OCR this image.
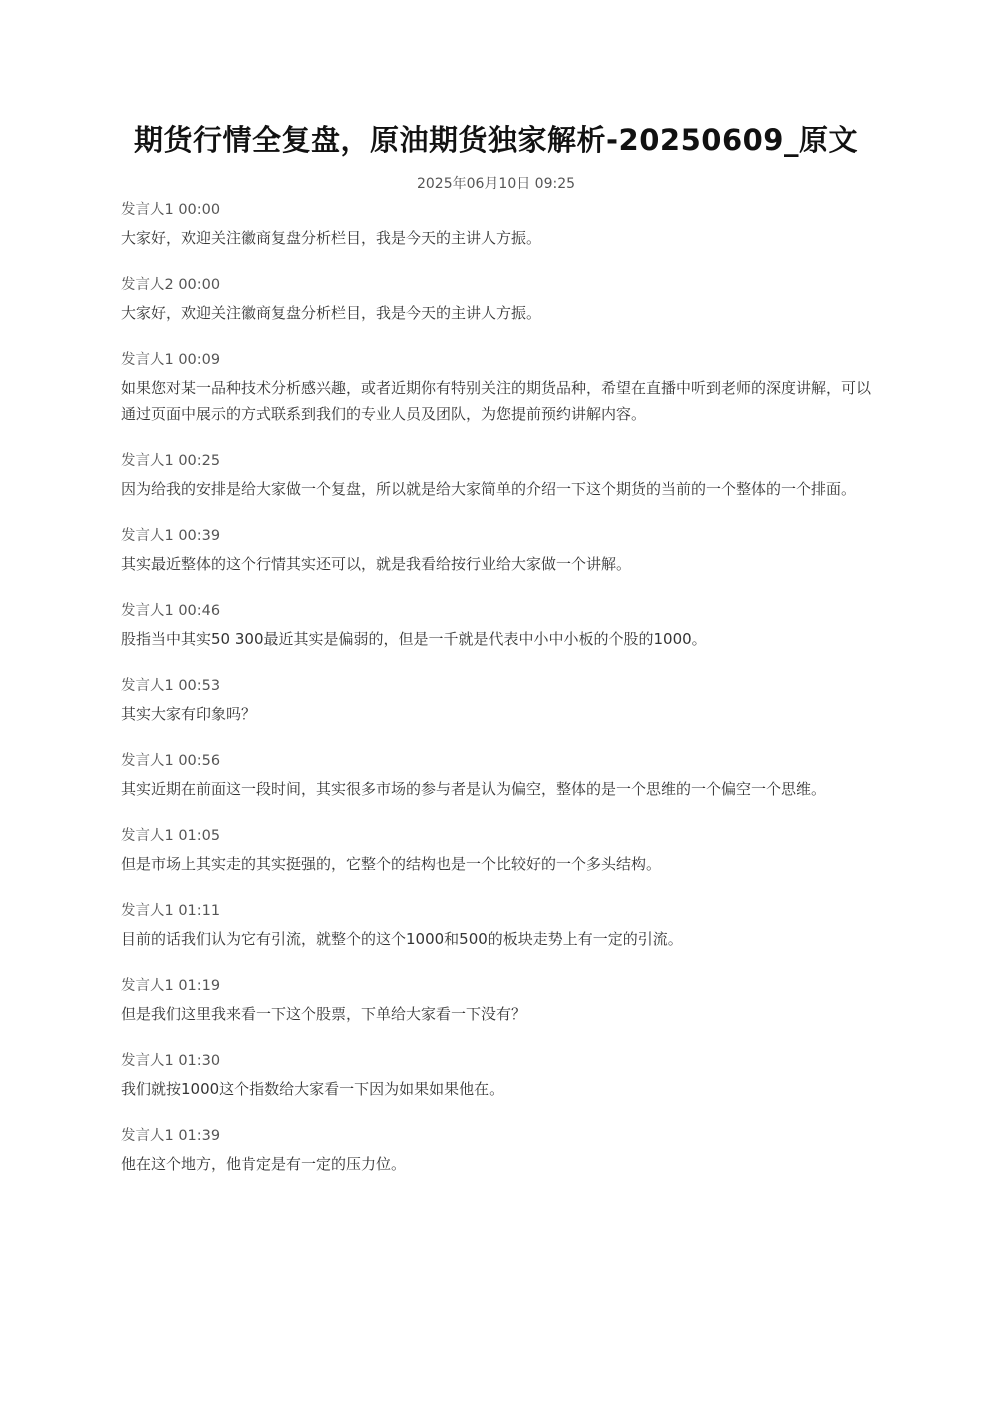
期货行情全复盘，原油期货独家解析-20250609_原文
2025年06月10日 09:25
发言人1 00:00
大家好，欢迎关注徽商复盘分析栏目，我是今天的主讲人方振。
发言人2 00:00
大家好，欢迎关注徽商复盘分析栏目，我是今天的主讲人方振。
发言人1 00:09
如果您对某一品种技术分析感兴趣，或者近期你有特别关注的期货品种，希望在直播中听到老师的深度讲解，可以通过页面中展示的方式联系到我们的专业人员及团队，为您提前预约讲解内容。
发言人1 00:25
因为给我的安排是给大家做一个复盘，所以就是给大家简单的介绍一下这个期货的当前的一个整体的一个排面。
发言人1 00:39
其实最近整体的这个行情其实还可以，就是我看给按行业给大家做一个讲解。
发言人1 00:46
股指当中其实50 300最近其实是偏弱的，但是一千就是代表中小中小板的个股的1000。
发言人1 00:53
其实大家有印象吗？
发言人1 00:56
其实近期在前面这一段时间，其实很多市场的参与者是认为偏空，整体的是一个思维的一个偏空一个思维。
发言人1 01:05
但是市场上其实走的其实挺强的，它整个的结构也是一个比较好的一个多头结构。
发言人1 01:11
目前的话我们认为它有引流，就整个的这个1000和500的板块走势上有一定的引流。
发言人1 01:19
但是我们这里我来看一下这个股票，下单给大家看一下没有？
发言人1 01:30
我们就按1000这个指数给大家看一下因为如果如果他在。
发言人1 01:39
他在这个地方，他肯定是有一定的压力位。
